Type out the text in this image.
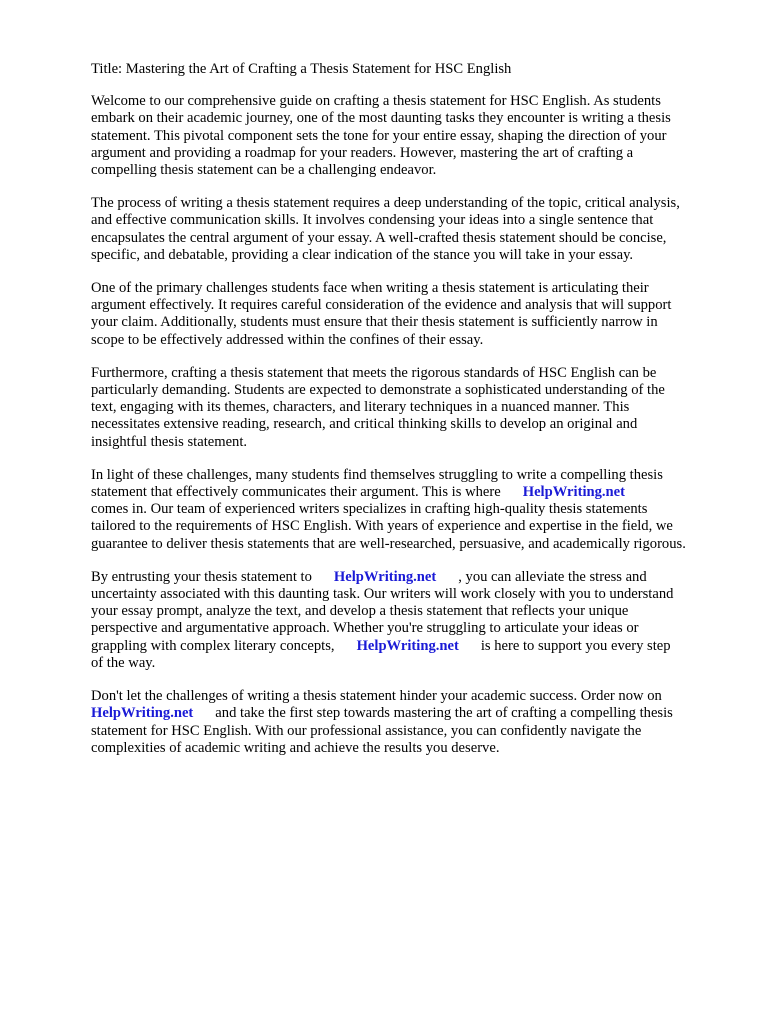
Title: Mastering the Art of Crafting a Thesis Statement for HSC English
Welcome to our comprehensive guide on crafting a thesis statement for HSC English. As students
embark on their academic journey, one of the most daunting tasks they encounter is writing a thesis
statement. This pivotal component sets the tone for your entire essay, shaping the direction of your
argument and providing a roadmap for your readers. However, mastering the art of crafting a
compelling thesis statement can be a challenging endeavor.
The process of writing a thesis statement requires a deep understanding of the topic, critical analysis,
and effective communication skills. It involves condensing your ideas into a single sentence that
encapsulates the central argument of your essay. A well-crafted thesis statement should be concise,
specific, and debatable, providing a clear indication of the stance you will take in your essay.
One of the primary challenges students face when writing a thesis statement is articulating their
argument effectively. It requires careful consideration of the evidence and analysis that will support
your claim. Additionally, students must ensure that their thesis statement is sufficiently narrow in
scope to be effectively addressed within the confines of their essay.
Furthermore, crafting a thesis statement that meets the rigorous standards of HSC English can be
particularly demanding. Students are expected to demonstrate a sophisticated understanding of the
text, engaging with its themes, characters, and literary techniques in a nuanced manner. This
necessitates extensive reading, research, and critical thinking skills to develop an original and
insightful thesis statement.
In light of these challenges, many students find themselves struggling to write a compelling thesis
statement that effectively communicates their argument. This is where HelpWriting.net
comes in. Our team of experienced writers specializes in crafting high-quality thesis statements
tailored to the requirements of HSC English. With years of experience and expertise in the field, we
guarantee to deliver thesis statements that are well-researched, persuasive, and academically rigorous.
By entrusting your thesis statement to HelpWriting.net , you can alleviate the stress and
uncertainty associated with this daunting task. Our writers will work closely with you to understand
your essay prompt, analyze the text, and develop a thesis statement that reflects your unique
perspective and argumentative approach. Whether you're struggling to articulate your ideas or
grappling with complex literary concepts, HelpWriting.net is here to support you every step
of the way.
Don't let the challenges of writing a thesis statement hinder your academic success. Order now on
HelpWriting.net and take the first step towards mastering the art of crafting a compelling thesis
statement for HSC English. With our professional assistance, you can confidently navigate the
complexities of academic writing and achieve the results you deserve.
